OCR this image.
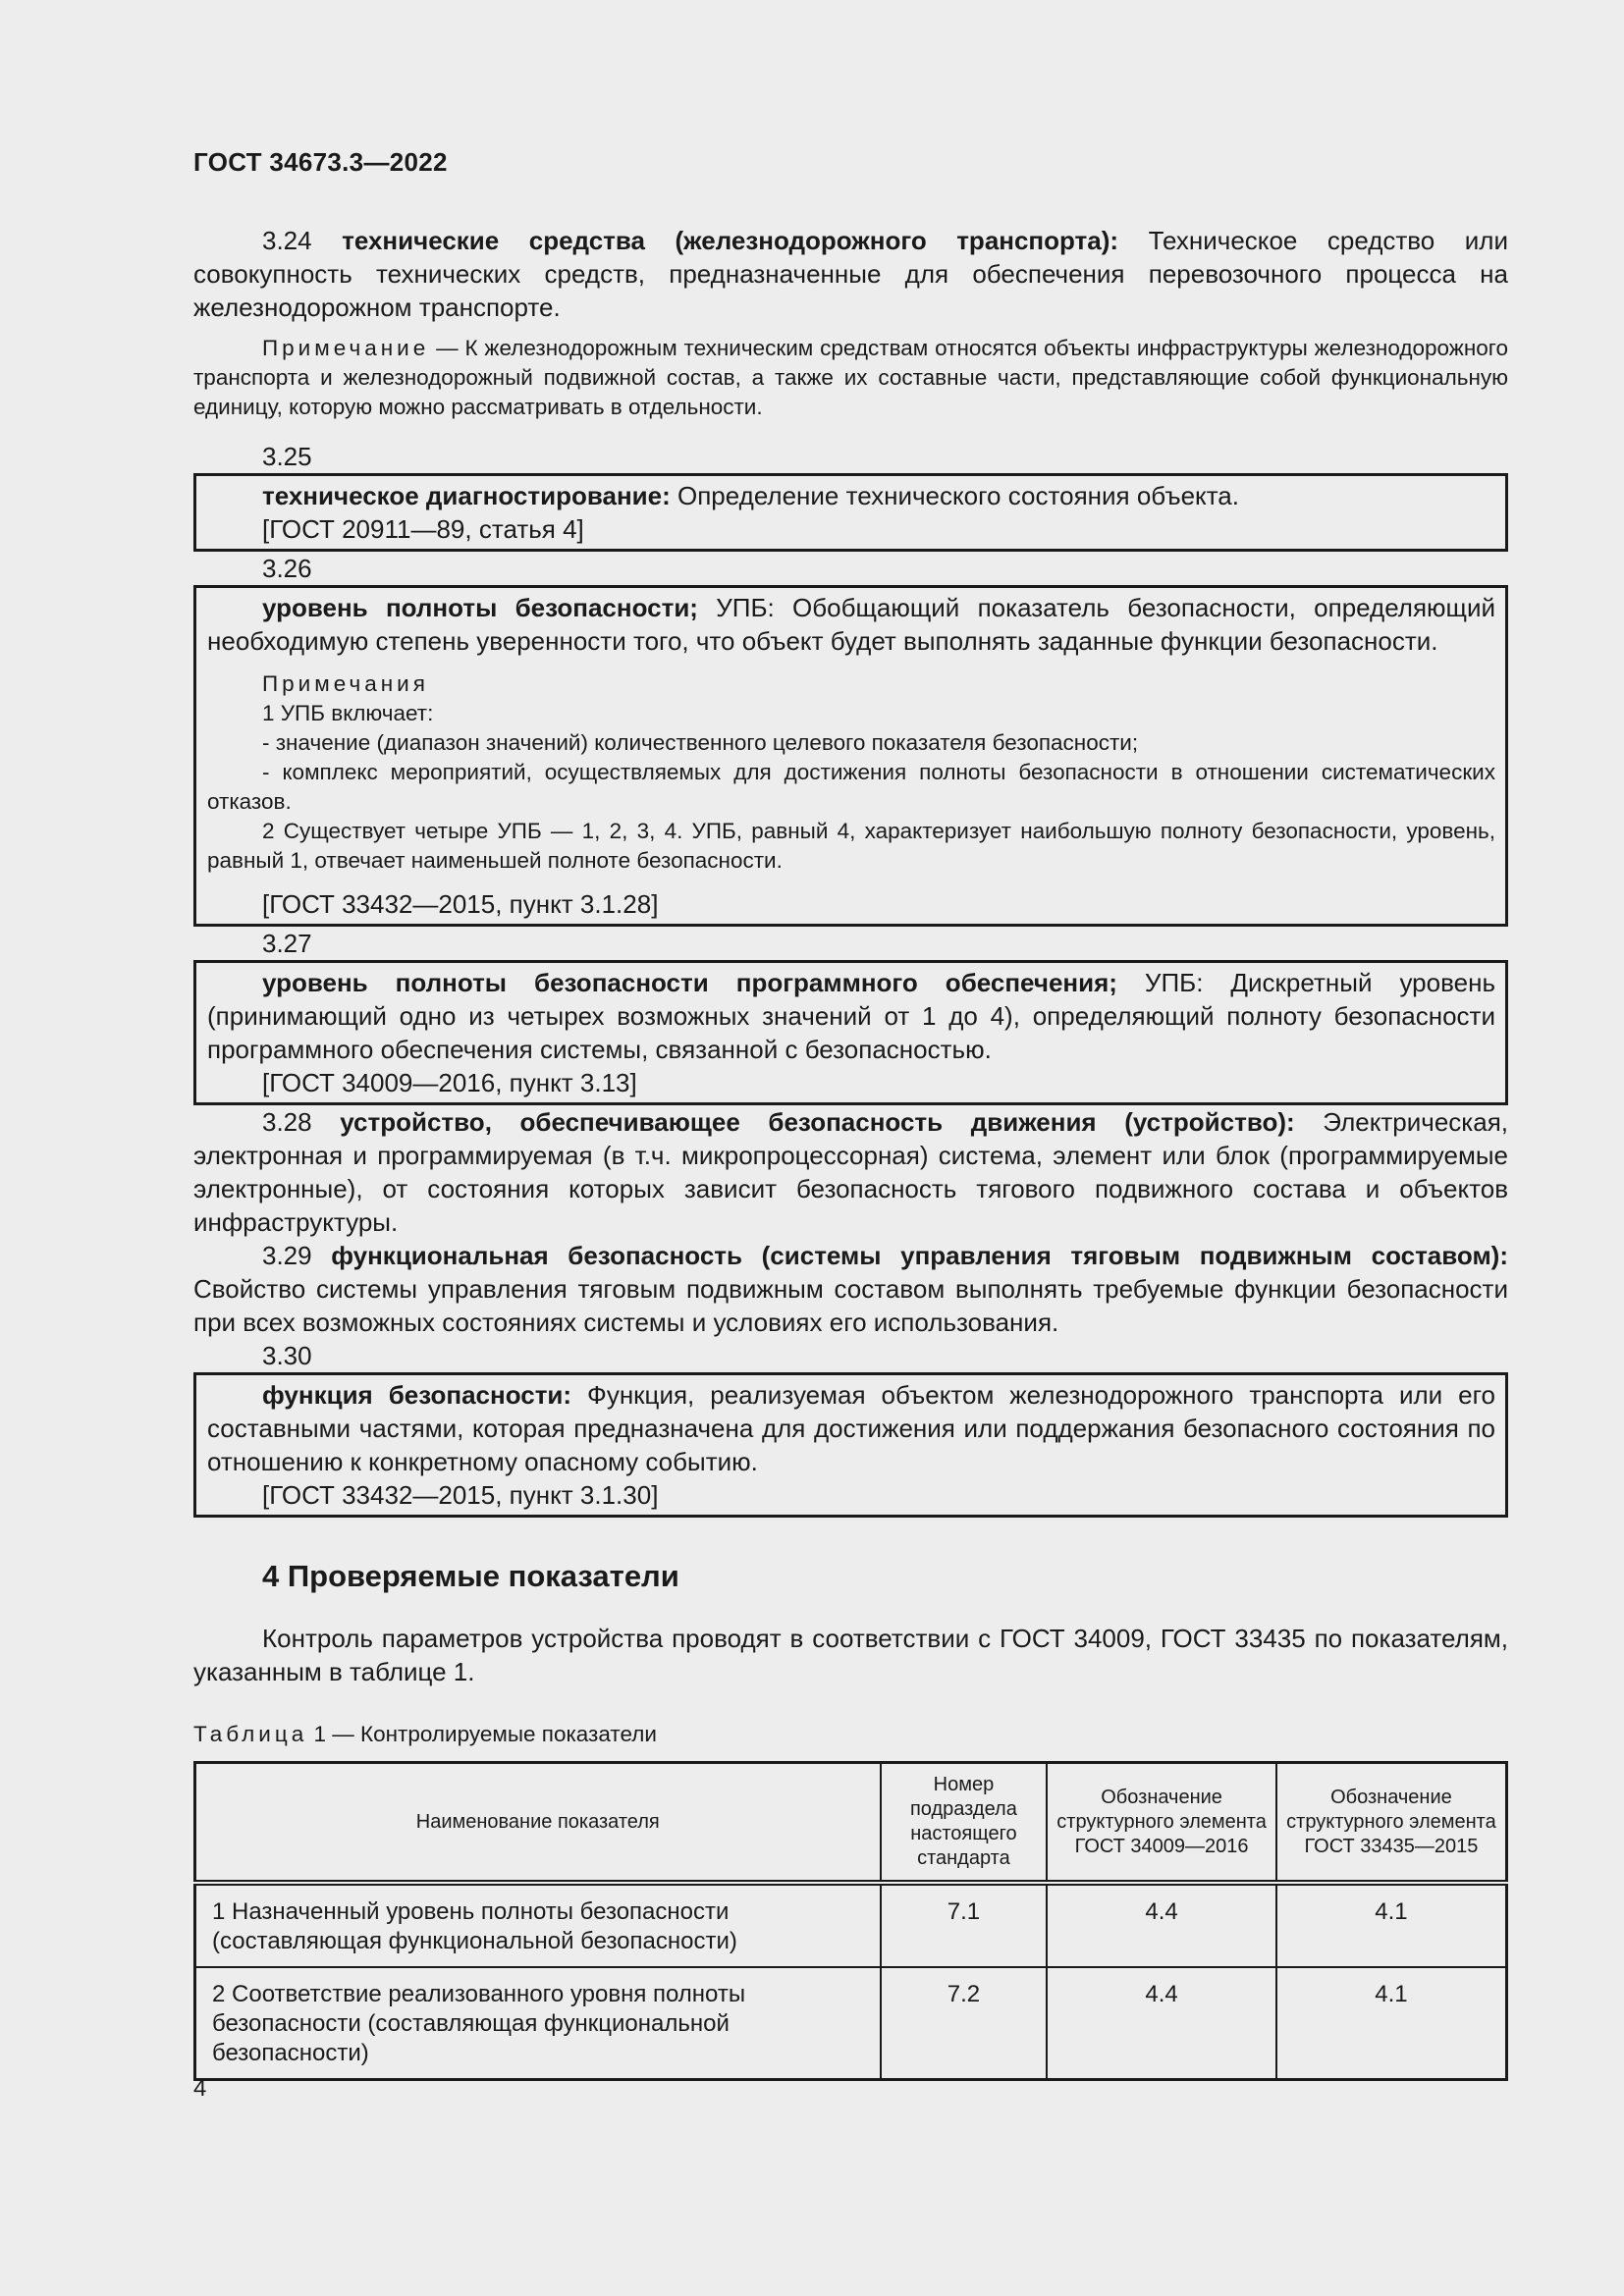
ГОСТ 34673.3—2022

3.24 технические средства (железнодорожного транспорта): Техническое средство или совокупность технических средств, предназначенные для обеспечения перевозочного процесса на железнодорожном транспорте.

Примечание — К железнодорожным техническим средствам относятся объекты инфраструктуры железнодорожного транспорта и железнодорожный подвижной состав, а также их составные части, представляющие собой функциональную единицу, которую можно рассматривать в отдельности.

3.25

техническое диагностирование: Определение технического состояния объекта.

[ГОСТ 20911—89, статья 4]
3.26

уровень полноты безопасности; УПБ: Обобщающий показатель безопасности, определяющий необходимую степень уверенности того, что объект будет выполнять заданные функции безопасности.

Примечания
1 УПБ включает:
- значение (диапазон значений) количественного целевого показателя безопасности;
- комплекс мероприятий, осуществляемых для достижения полноты безопасности в отношении систематических отказов.
2 Существует четыре УПБ — 1, 2, 3, 4. УПБ, равный 4, характеризует наибольшую полноту безопасности, уровень, равный 1, отвечает наименьшей полноте безопасности.
[ГОСТ 33432—2015, пункт 3.1.28]
3.27

уровень полноты безопасности программного обеспечения; УПБ: Дискретный уровень (принимающий одно из четырех возможных значений от 1 до 4), определяющий полноту безопасности программного обеспечения системы, связанной с безопасностью.

[ГОСТ 34009—2016, пункт 3.13]

3.28 устройство, обеспечивающее безопасность движения (устройство): Электрическая, электронная и программируемая (в т.ч. микропроцессорная) система, элемент или блок (программируемые электронные), от состояния которых зависит безопасность тягового подвижного состава и объектов инфраструктуры.

3.29 функциональная безопасность (системы управления тяговым подвижным составом): Свойство системы управления тяговым подвижным составом выполнять требуемые функции безопасности при всех возможных состояниях системы и условиях его использования.

3.30

функция безопасности: Функция, реализуемая объектом железнодорожного транспорта или его составными частями, которая предназначена для достижения или поддержания безопасного состояния по отношению к конкретному опасному событию.

[ГОСТ 33432—2015, пункт 3.1.30]
4 Проверяемые показатели

Контроль параметров устройства проводят в соответствии с ГОСТ 34009, ГОСТ 33435 по показателям, указанным в таблице 1.

Таблица 1 — Контролируемые показатели
Наименование показателя	Номер подраздела настоящего стандарта	Обозначение структурного элемента ГОСТ 34009—2016	Обозначение структурного элемента ГОСТ 33435—2015
1 Назначенный уровень полноты безопасности (составляющая функциональной безопасности)	7.1	4.4	4.1
2 Соответствие реализованного уровня полноты безопасности (составляющая функциональной безопасности)	7.2	4.4	4.1
4
